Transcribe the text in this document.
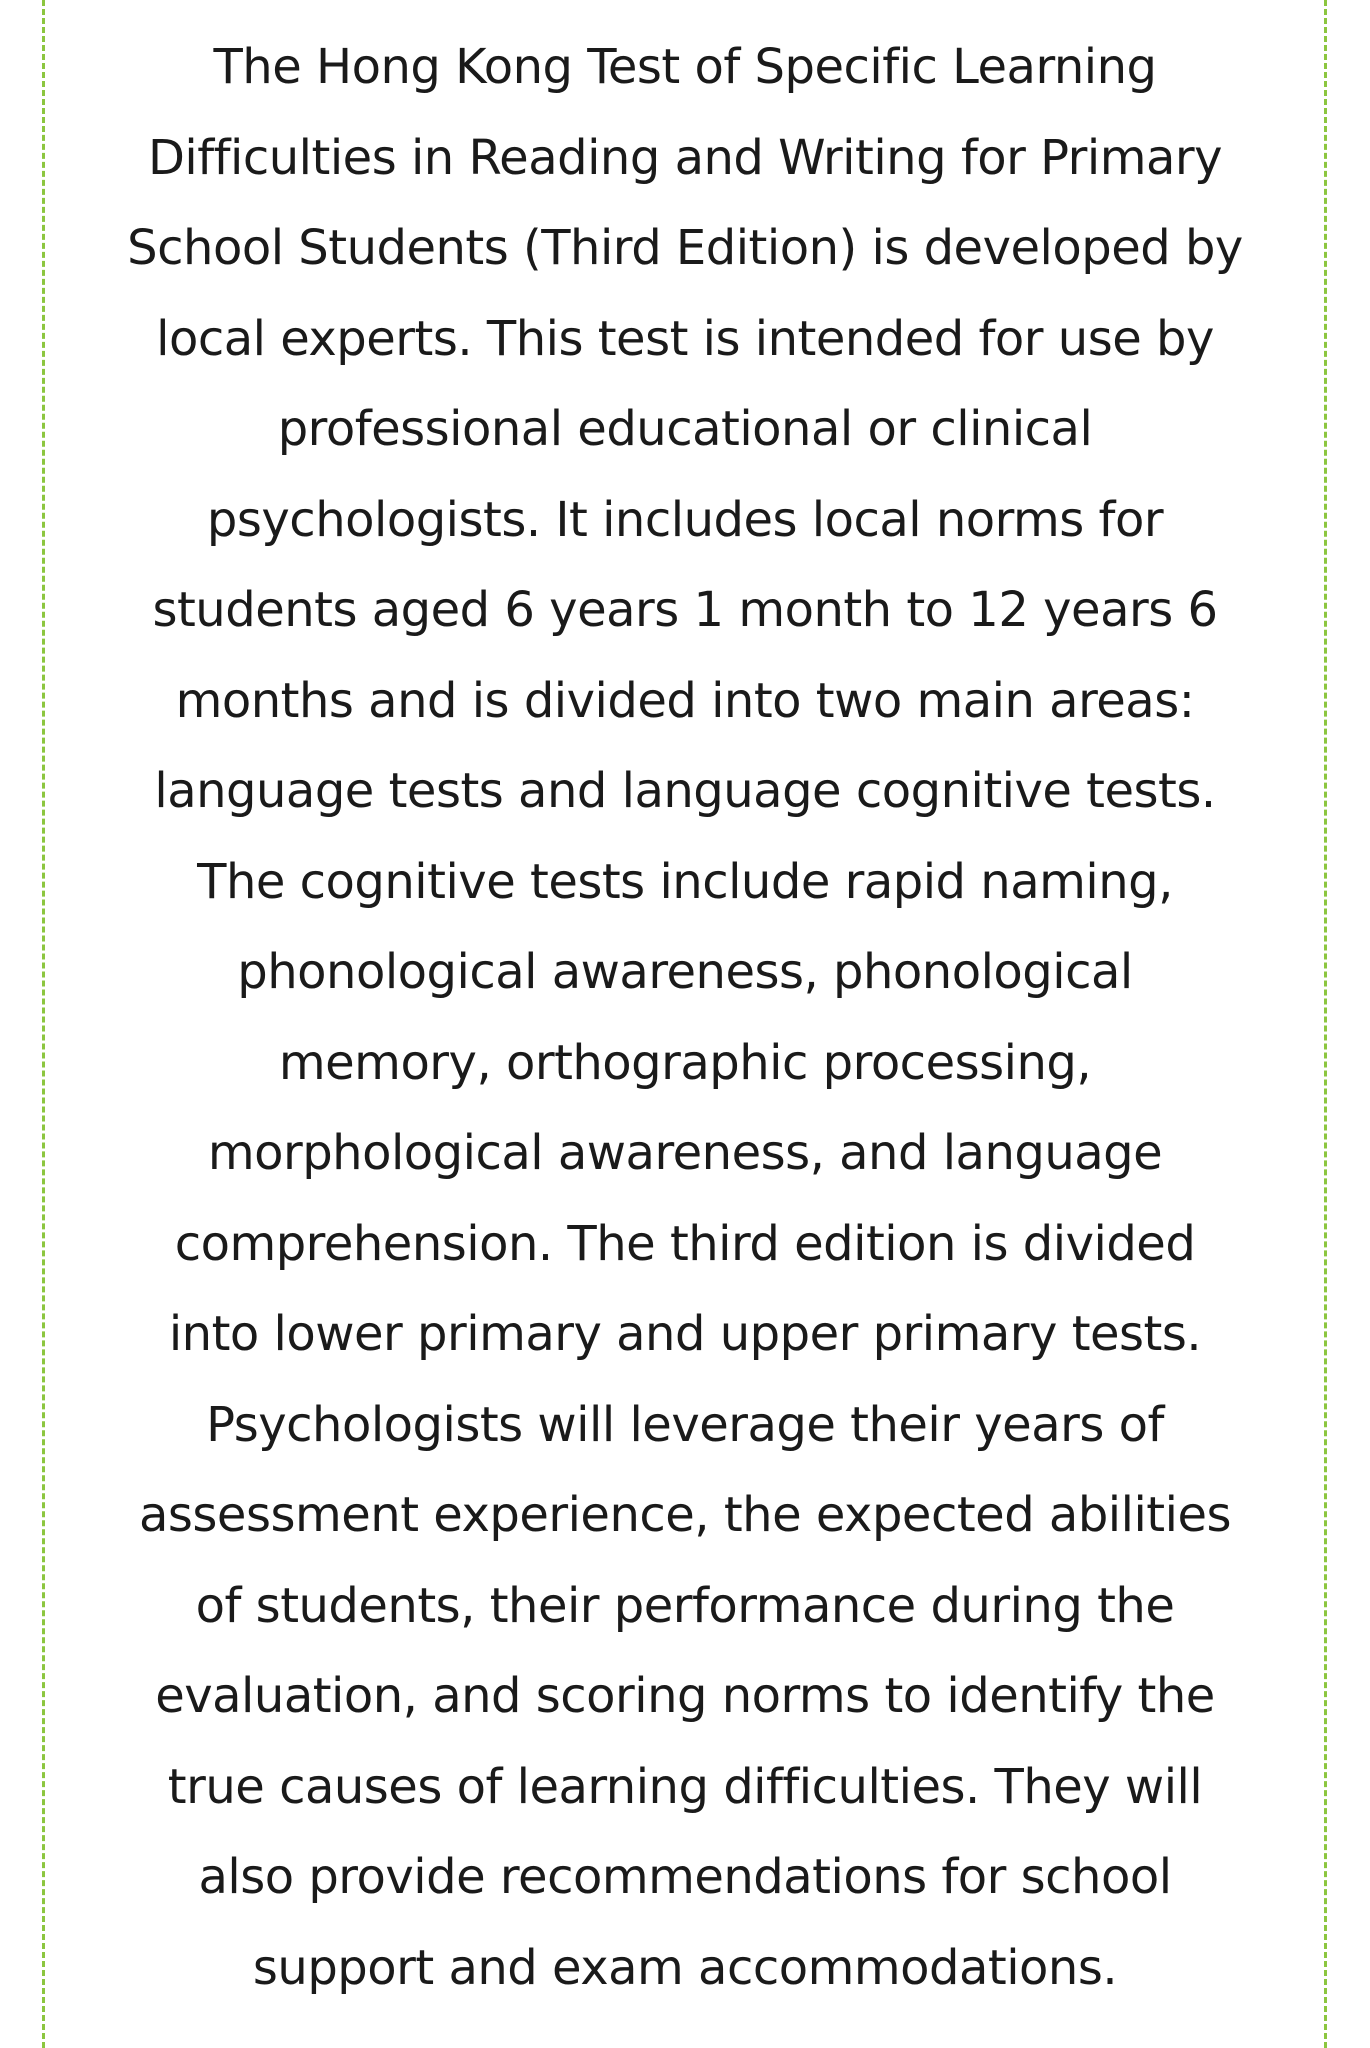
The Hong Kong Test of Specific Learning
Difficulties in Reading and Writing for Primary
School Students (Third Edition) is developed by
local experts. This test is intended for use by
professional educational or clinical
psychologists. It includes local norms for
students aged 6 years 1 month to 12 years 6
months and is divided into two main areas:
language tests and language cognitive tests.
The cognitive tests include rapid naming,
phonological awareness, phonological
memory, orthographic processing,
morphological awareness, and language
comprehension. The third edition is divided
into lower primary and upper primary tests.
Psychologists will leverage their years of
assessment experience, the expected abilities
of students, their performance during the
evaluation, and scoring norms to identify the
true causes of learning difficulties. They will
also provide recommendations for school
support and exam accommodations.
